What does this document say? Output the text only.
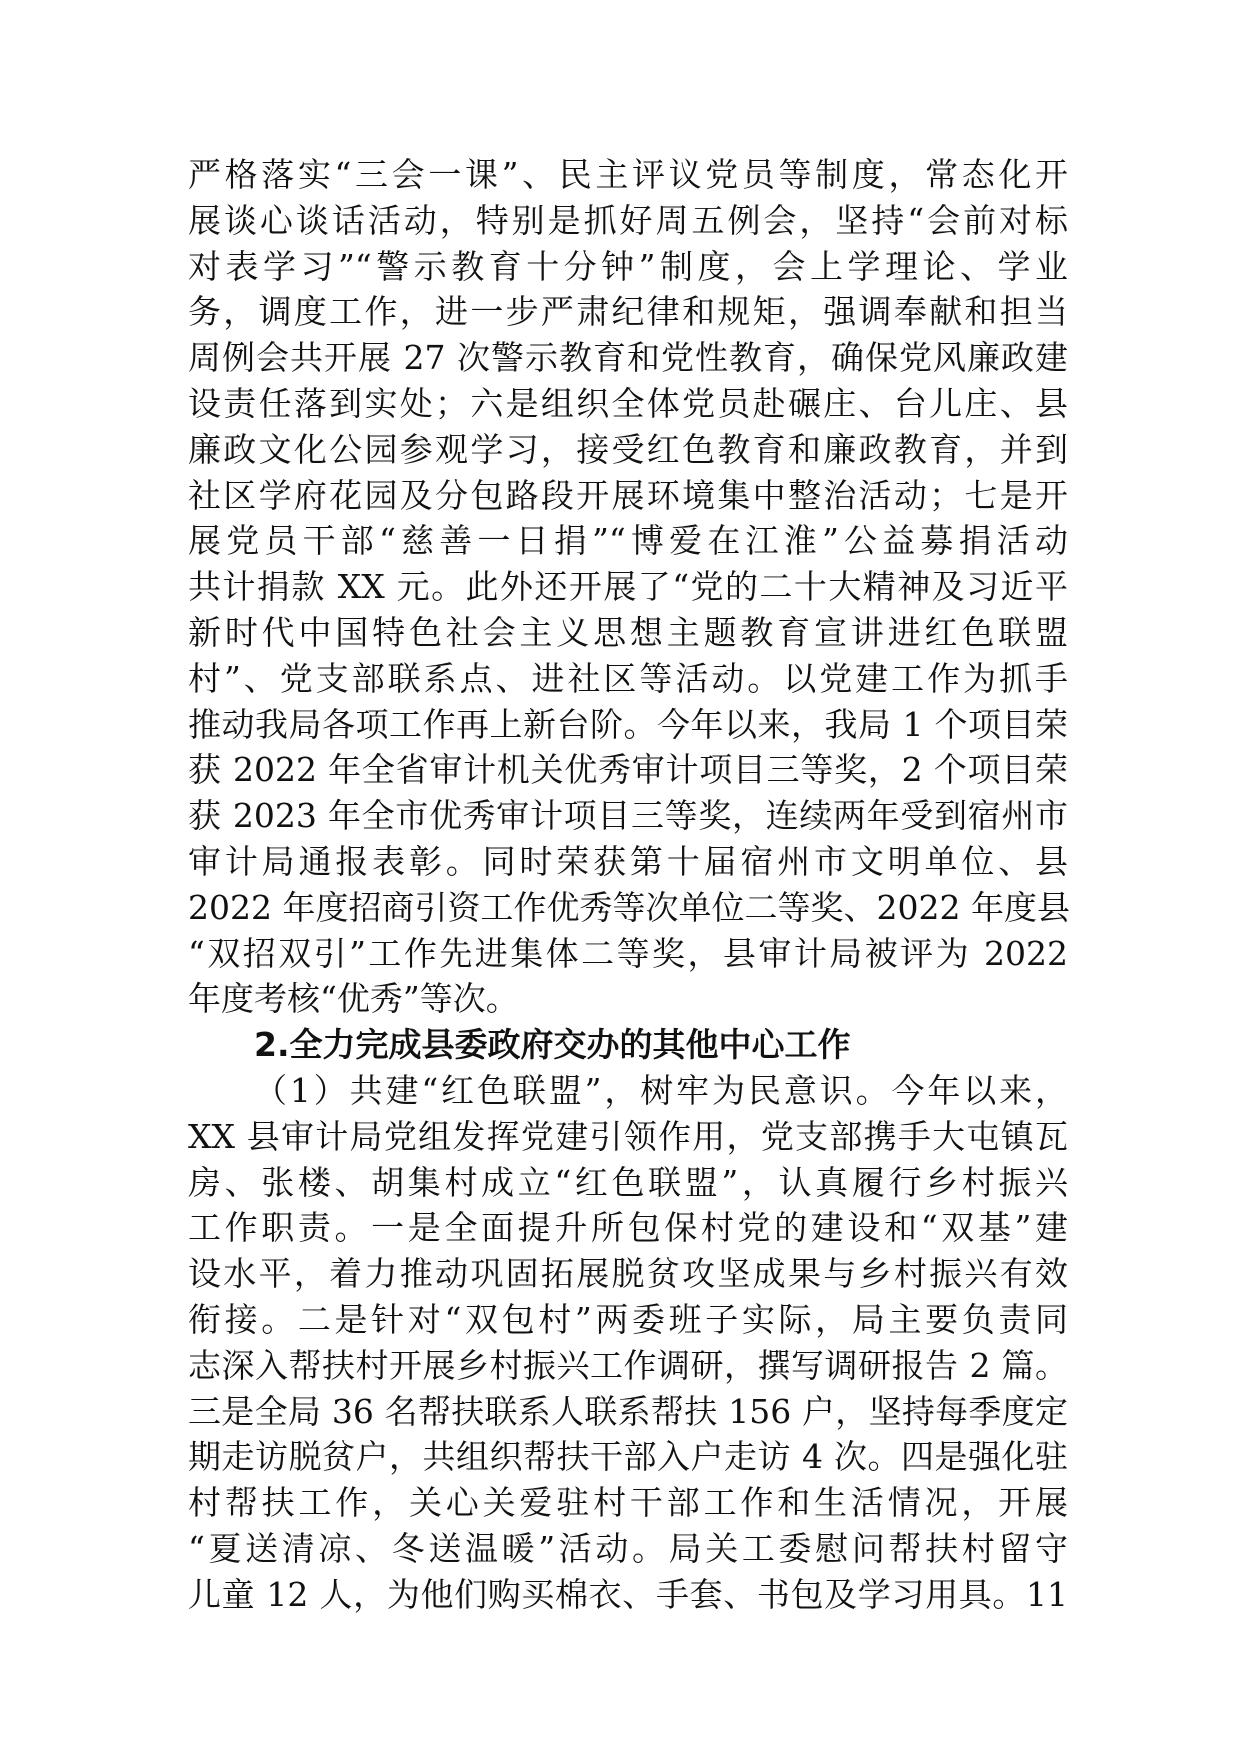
严格落实“三会一课”、民主评议党员等制度，常态化开
展谈心谈话活动，特别是抓好周五例会，坚持“会前对标
对表学习”“警示教育十分钟”制度，会上学理论、学业
务，调度工作，进一步严肃纪律和规矩，强调奉献和担当
周例会共开展 27 次警示教育和党性教育，确保党风廉政建
设责任落到实处；六是组织全体党员赴碾庄、台儿庄、县
廉政文化公园参观学习，接受红色教育和廉政教育，并到
社区学府花园及分包路段开展环境集中整治活动；七是开
展党员干部“慈善一日捐”“博爱在江淮”公益募捐活动
共计捐款 XX 元。此外还开展了“党的二十大精神及习近平
新时代中国特色社会主义思想主题教育宣讲进红色联盟
村”、党支部联系点、进社区等活动。以党建工作为抓手
推动我局各项工作再上新台阶。今年以来，我局 1 个项目荣
获 2022 年全省审计机关优秀审计项目三等奖，2 个项目荣
获 2023 年全市优秀审计项目三等奖，连续两年受到宿州市
审计局通报表彰。同时荣获第十届宿州市文明单位、县
2022 年度招商引资工作优秀等次单位二等奖、2022 年度县
“双招双引”工作先进集体二等奖，县审计局被评为 2022
年度考核“优秀”等次。
2.全力完成县委政府交办的其他中心工作
（1）共建“红色联盟”，树牢为民意识。今年以来，
XX 县审计局党组发挥党建引领作用，党支部携手大屯镇瓦
房、张楼、胡集村成立“红色联盟”，认真履行乡村振兴
工作职责。一是全面提升所包保村党的建设和“双基”建
设水平，着力推动巩固拓展脱贫攻坚成果与乡村振兴有效
衔接。二是针对“双包村”两委班子实际，局主要负责同
志深入帮扶村开展乡村振兴工作调研，撰写调研报告 2 篇。
三是全局 36 名帮扶联系人联系帮扶 156 户，坚持每季度定
期走访脱贫户，共组织帮扶干部入户走访 4 次。四是强化驻
村帮扶工作，关心关爱驻村干部工作和生活情况，开展
“夏送清凉、冬送温暖”活动。局关工委慰问帮扶村留守
儿童 12 人，为他们购买棉衣、手套、书包及学习用具。11
